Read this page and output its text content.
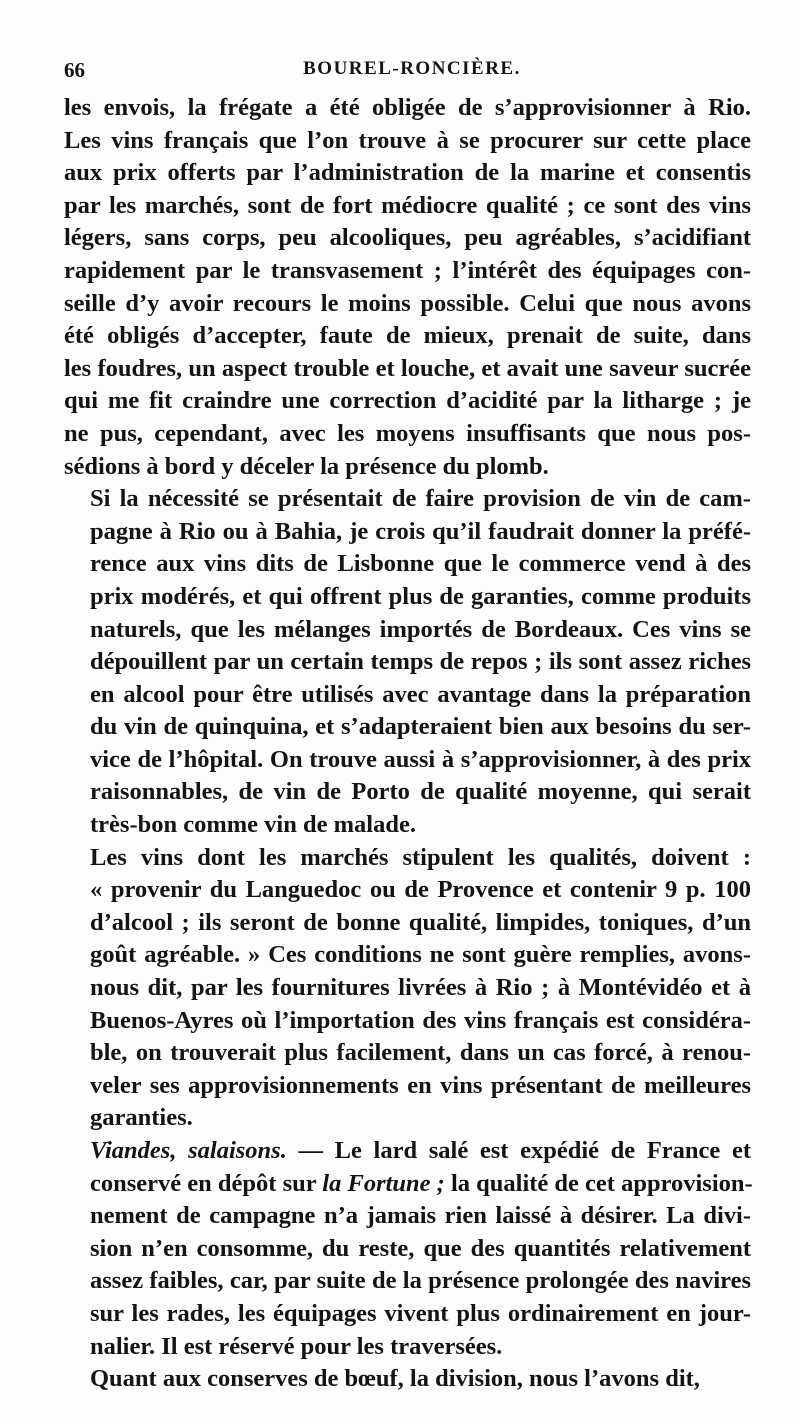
66	BOUREL-RONCIÈRE.

les envois, la frégate a été obligée de s’approvisionner à Rio.
Les vins français que l’on trouve à se procurer sur cette place
aux prix offerts par l’administration de la marine et consentis
par les marchés, sont de fort médiocre qualité ; ce sont des vins
légers, sans corps, peu alcooliques, peu agréables, s’acidifiant
rapidement par le transvasement ; l’intérêt des équipages con-
seille d’y avoir recours le moins possible. Celui que nous avons
été obligés d’accepter, faute de mieux, prenait de suite, dans
les foudres, un aspect trouble et louche, et avait une saveur sucrée
qui me fit craindre une correction d’acidité par la litharge ; je
ne pus, cependant, avec les moyens insuffisants que nous pos-
sédions à bord y déceler la présence du plomb.

Si la nécessité se présentait de faire provision de vin de cam-
pagne à Rio ou à Bahia, je crois qu’il faudrait donner la préfé-
rence aux vins dits de Lisbonne que le commerce vend à des
prix modérés, et qui offrent plus de garanties, comme produits
naturels, que les mélanges importés de Bordeaux. Ces vins se
dépouillent par un certain temps de repos ; ils sont assez riches
en alcool pour être utilisés avec avantage dans la préparation
du vin de quinquina, et s’adapteraient bien aux besoins du ser-
vice de l’hôpital. On trouve aussi à s’approvisionner, à des prix
raisonnables, de vin de Porto de qualité moyenne, qui serait
très-bon comme vin de malade.

Les vins dont les marchés stipulent les qualités, doivent :
« provenir du Languedoc ou de Provence et contenir 9 p. 100
d’alcool ; ils seront de bonne qualité, limpides, toniques, d’un
goût agréable. » Ces conditions ne sont guère remplies, avons-
nous dit, par les fournitures livrées à Rio ; à Montévidéo et à
Buenos-Ayres où l’importation des vins français est considéra-
ble, on trouverait plus facilement, dans un cas forcé, à renou-
veler ses approvisionnements en vins présentant de meilleures
garanties.

Viandes, salaisons. — Le lard salé est expédié de France et
conservé en dépôt sur la Fortune ; la qualité de cet approvision-
nement de campagne n’a jamais rien laissé à désirer. La divi-
sion n’en consomme, du reste, que des quantités relativement
assez faibles, car, par suite de la présence prolongée des navires
sur les rades, les équipages vivent plus ordinairement en jour-
nalier. Il est réservé pour les traversées.

Quant aux conserves de bœuf, la division, nous l’avons dit,
